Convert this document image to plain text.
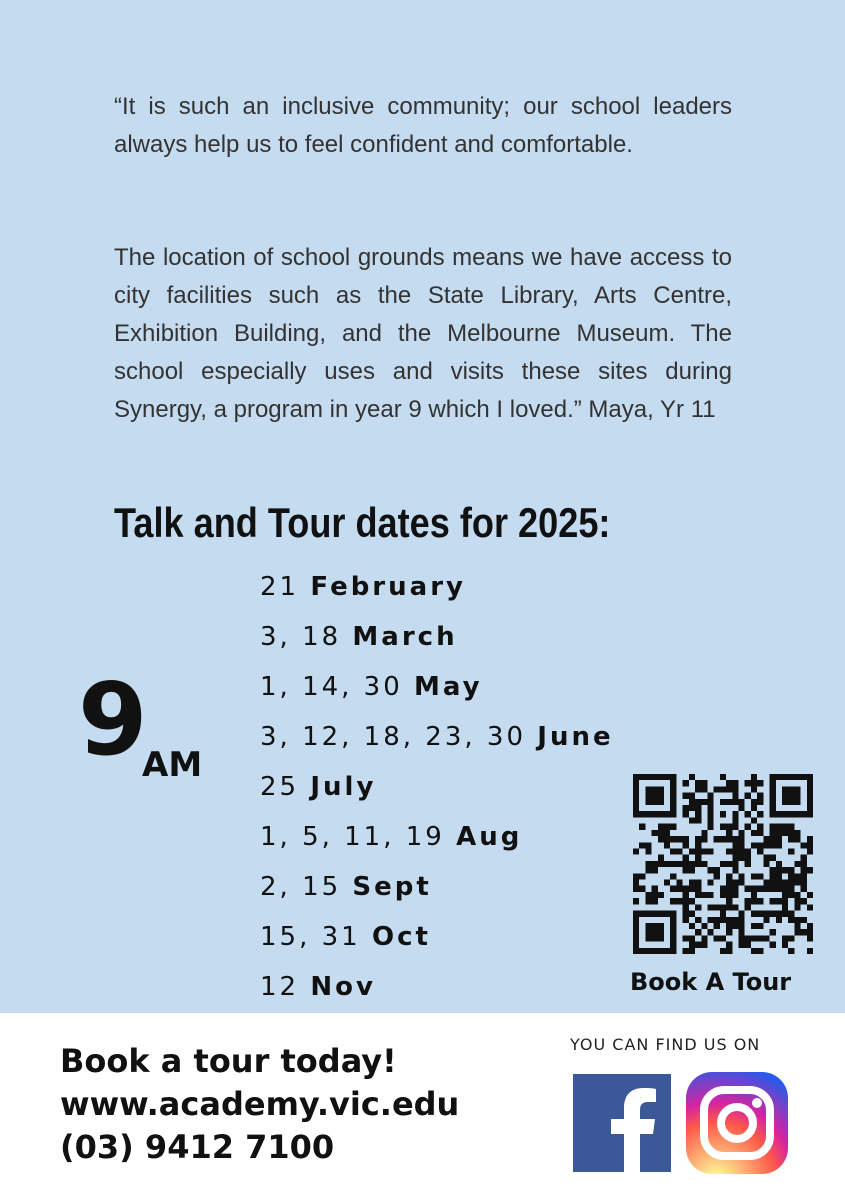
“It is such an inclusive community; our school leaders always help us to feel confident and comfortable.

The location of school grounds means we have access to city facilities such as the State Library, Arts Centre, Exhibition Building, and the Melbourne Museum. The school especially uses and visits these sites during Synergy, a program in year 9 which I loved.” Maya, Yr 11

Talk and Tour dates for 2025:
9
AM
21 February
3, 18 March
1, 14, 30 May
3, 12, 18, 23, 30 June
25 July
1, 5, 11, 19 Aug
2, 15 Sept
15, 31 Oct
12 Nov	Book A Tour
Book a tour today!
www.academy.vic.edu
(03) 9412 7100
YOU CAN FIND US ON
